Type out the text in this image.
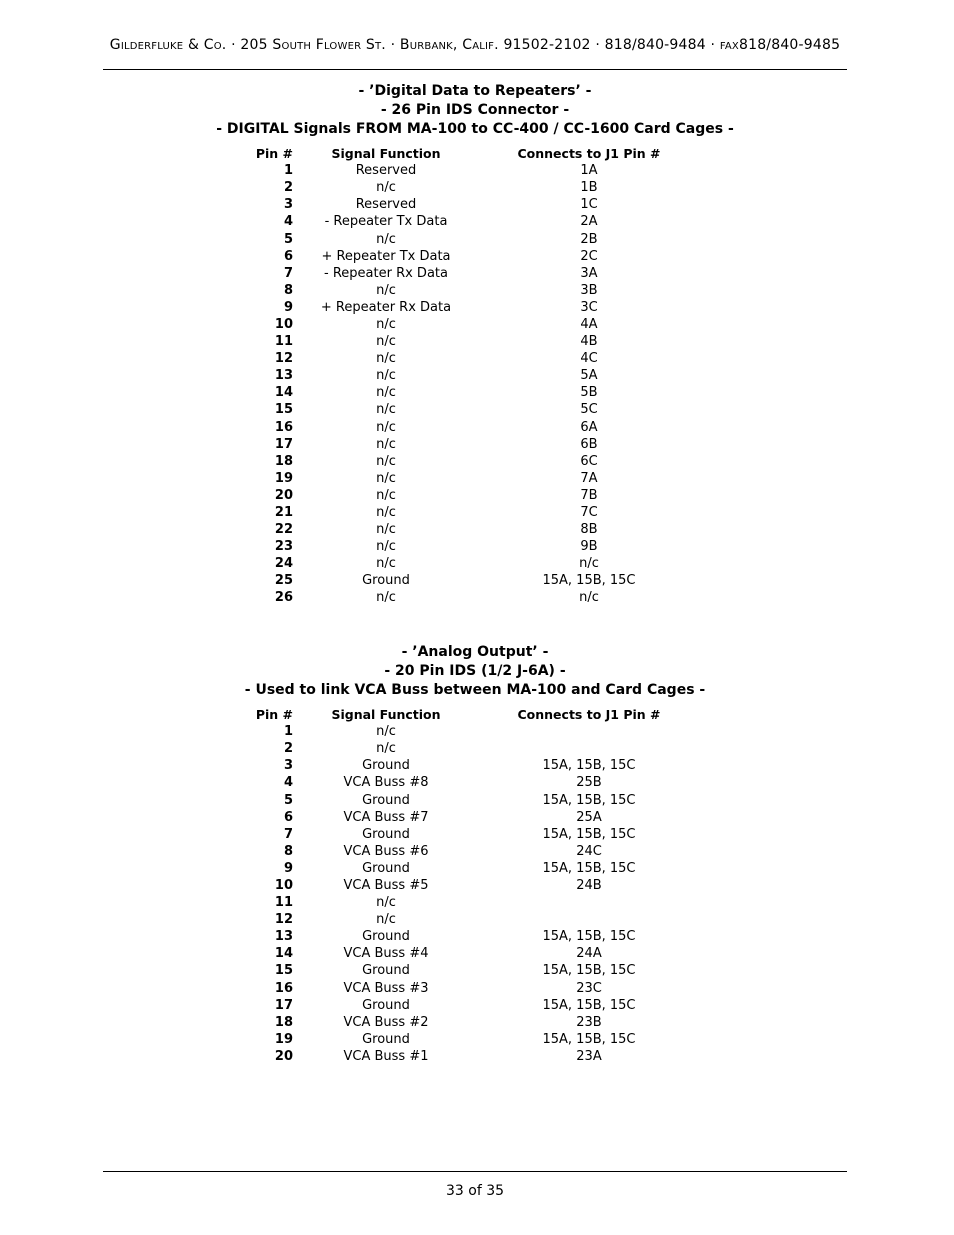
Gilderfluke & Co. · 205 South Flower St. · Burbank, Calif. 91502-2102 · 818/840-9484 · fax818/840-9485
- ’Digital Data to Repeaters’ -
- 26 Pin IDS Connector -
- DIGITAL Signals FROM MA-100 to CC-400 / CC-1600 Card Cages -
Pin #	Signal Function	Connects to J1 Pin #
1	Reserved	1A
2	n/c	1B
3	Reserved	1C
4	- Repeater Tx Data	2A
5	n/c	2B
6	+ Repeater Tx Data	2C
7	- Repeater Rx Data	3A
8	n/c	3B
9	+ Repeater Rx Data	3C
10	n/c	4A
11	n/c	4B
12	n/c	4C
13	n/c	5A
14	n/c	5B
15	n/c	5C
16	n/c	6A
17	n/c	6B
18	n/c	6C
19	n/c	7A
20	n/c	7B
21	n/c	7C
22	n/c	8B
23	n/c	9B
24	n/c	n/c
25	Ground	15A, 15B, 15C
26	n/c	n/c
- ’Analog Output’ -
- 20 Pin IDS (1/2 J-6A) -
- Used to link VCA Buss between MA-100 and Card Cages -
Pin #	Signal Function	Connects to J1 Pin #
1	n/c	
2	n/c	
3	Ground	15A, 15B, 15C
4	VCA Buss #8	25B
5	Ground	15A, 15B, 15C
6	VCA Buss #7	25A
7	Ground	15A, 15B, 15C
8	VCA Buss #6	24C
9	Ground	15A, 15B, 15C
10	VCA Buss #5	24B
11	n/c	
12	n/c	
13	Ground	15A, 15B, 15C
14	VCA Buss #4	24A
15	Ground	15A, 15B, 15C
16	VCA Buss #3	23C
17	Ground	15A, 15B, 15C
18	VCA Buss #2	23B
19	Ground	15A, 15B, 15C
20	VCA Buss #1	23A
33 of 35
